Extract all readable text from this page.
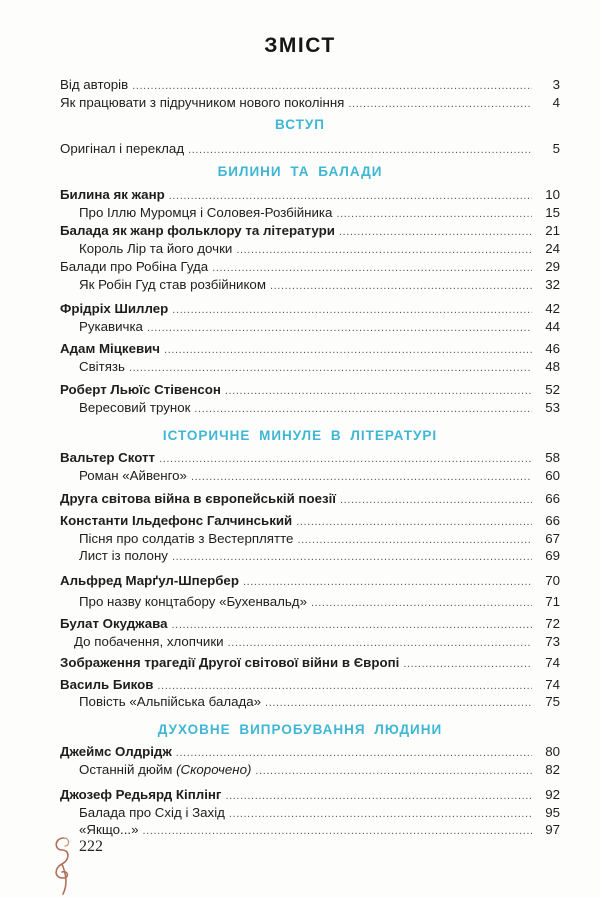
ЗМІСТ
Від авторів .....	3
Як працювати з підручником нового покоління .....	4
ВСТУП
Оригінал і переклад .....	5
БИЛИНИ ТА БАЛАДИ
Билина як жанр .....	10
Про Іллю Муромця і Соловея-Розбійника .....	15
Балада як жанр фольклору та літератури .....	21
Король Лір та його дочки .....	24
Балади про Робіна Гуда .....	29
Як Робін Гуд став розбійником .....	32
Фрідріх Шиллер .....	42
Рукавичка .....	44
Адам Міцкевич .....	46
Світязь .....	48
Роберт Льюїс Стівенсон .....	52
Вересовий трунок .....	53
ІСТОРИЧНЕ МИНУЛЕ В ЛІТЕРАТУРІ
Вальтер Скотт .....	58
Роман «Айвенго» .....	60
Друга світова війна в європейській поезії .....	66
Константи Ільдефонс Галчинський .....	66
Пісня про солдатів з Вестерплятте .....	67
Лист із полону .....	69
Альфред Марґул-Шпербер .....	70
Про назву концтабору «Бухенвальд» .....	71
Булат Окуджава .....	72
До побачення, хлопчики .....	73
Зображення трагедії Другої світової війни в Європі .....	74
Василь Биков .....	74
Повість «Альпійська балада» .....	75
ДУХОВНЕ ВИПРОБУВАННЯ ЛЮДИНИ
Джеймс Олдрідж .....	80
Останній дюйм (Скорочено) .....	82
Джозеф Редьярд Кіплінг .....	92
Балада про Схід і Захід .....	95
«Якщо...» .....	97
222
